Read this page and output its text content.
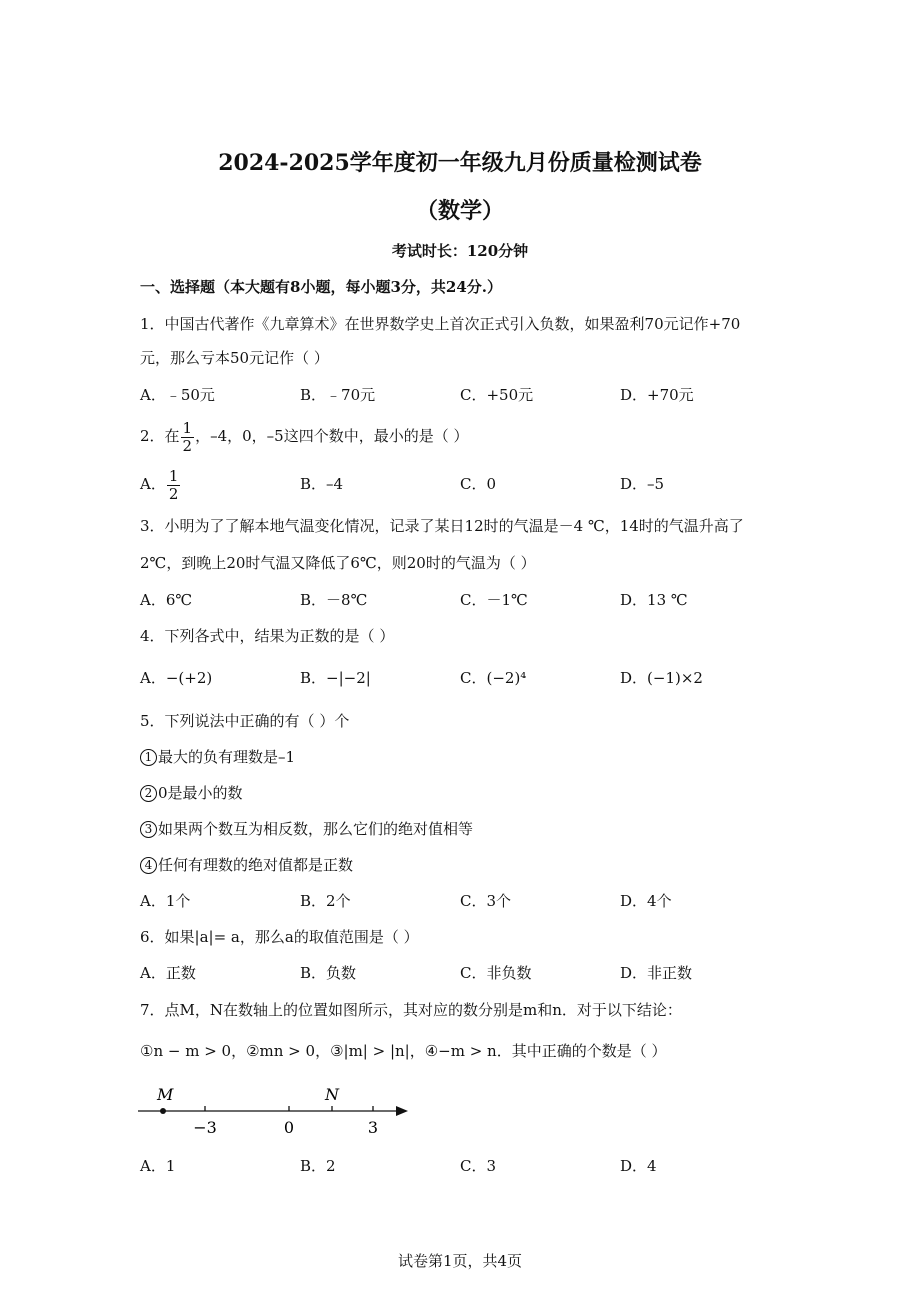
2024-2025学年度初一年级九月份质量检测试卷
（数学）
考试时长：120分钟
一、选择题（本大题有8小题，每小题3分，共24分.）
1．中国古代著作《九章算术》在世界数学史上首次正式引入负数，如果盈利70元记作+70
元，那么亏本50元记作（ ）
A．﹣50元	B．﹣70元	C．+50元	D．+70元
2．在 $\frac{1}{2}$ ，–4，0，–5这四个数中，最小的是（ ）
A． $\frac{1}{2}$	B．–4	C．0	D．–5
3．小明为了了解本地气温变化情况，记录了某日12时的气温是－4 ℃，14时的气温升高了
2℃，到晚上20时气温又降低了6℃，则20时的气温为（ ）
A．6℃	B．－8℃	C．－1℃	D．13 ℃
4．下列各式中，结果为正数的是（ ）
A．−(+2)	B．−|−2|	C．(−2)⁴	D．(−1)×2
5．下列说法中正确的有（ ）个
1 最大的负有理数是–1
2 0是最小的数
3 如果两个数互为相反数，那么它们的绝对值相等
4 任何有理数的绝对值都是正数
A．1个	B．2个	C．3个	D．4个
6．如果|a|= a，那么a的取值范围是（ ）
A．正数	B．负数	C．非负数	D．非正数
7．点M，N在数轴上的位置如图所示，其对应的数分别是m和n．对于以下结论：
①n − m > 0，②mn > 0，③|m| > |n|，④−m > n．其中正确的个数是（ ）
M	N
−3	0	3
A．1	B．2	C．3	D．4
试卷第1页，共4页
